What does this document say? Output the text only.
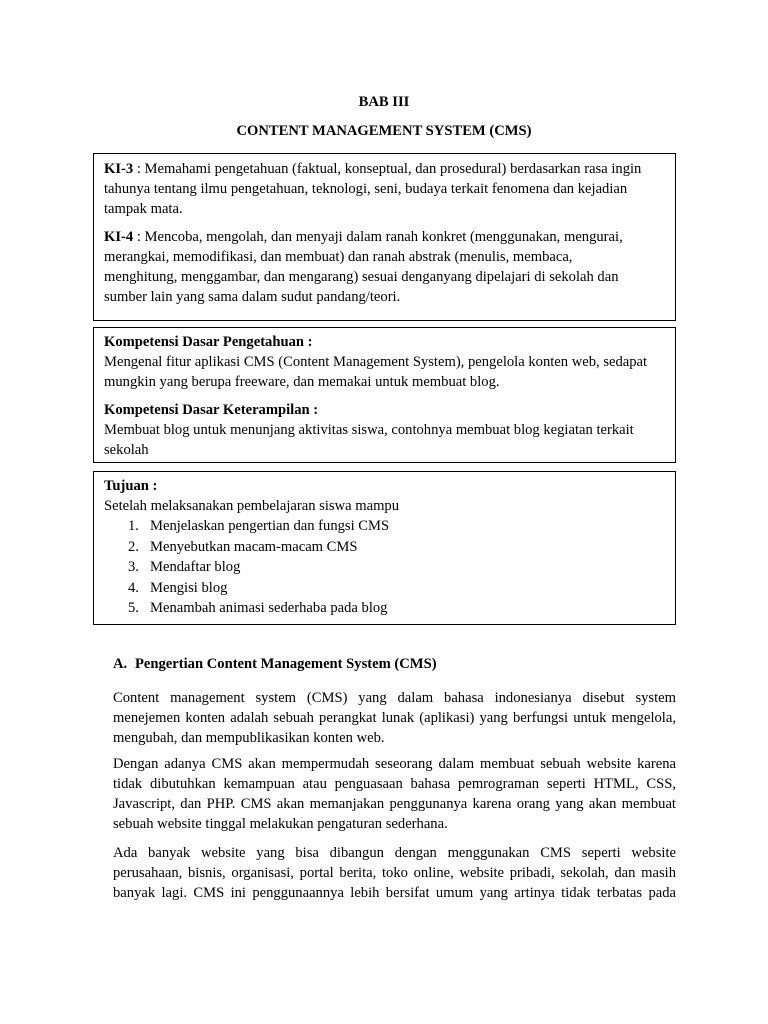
BAB III
CONTENT MANAGEMENT SYSTEM (CMS)

KI-3 : Memahami pengetahuan (faktual, konseptual, dan prosedural) berdasarkan rasa ingin
tahunya tentang ilmu pengetahuan, teknologi, seni, budaya terkait fenomena dan kejadian
tampak mata.

KI-4 : Mencoba, mengolah, dan menyaji dalam ranah konkret (menggunakan, mengurai,
merangkai, memodifikasi, dan membuat) dan ranah abstrak (menulis, membaca,
menghitung, menggambar, dan mengarang) sesuai denganyang dipelajari di sekolah dan
sumber lain yang sama dalam sudut pandang/teori.

Kompetensi Dasar Pengetahuan :
Mengenal fitur aplikasi CMS (Content Management System), pengelola konten web, sedapat
mungkin yang berupa freeware, dan memakai untuk membuat blog.
Kompetensi Dasar Keterampilan :
Membuat blog untuk menunjang aktivitas siswa, contohnya membuat blog kegiatan terkait
sekolah
Tujuan :
Setelah melaksanakan pembelajaran siswa mampu
1. Menjelaskan pengertian dan fungsi CMS
2. Menyebutkan macam-macam CMS
3. Mendaftar blog
4. Mengisi blog
5. Menambah animasi sederhaba pada blog
A. Pengertian Content Management System (CMS)
Content management system (CMS) yang dalam bahasa indonesianya disebut system
menejemen konten adalah sebuah perangkat lunak (aplikasi) yang berfungsi untuk mengelola,
mengubah, dan mempublikasikan konten web.
Dengan adanya CMS akan mempermudah seseorang dalam membuat sebuah website karena
tidak dibutuhkan kemampuan atau penguasaan bahasa pemrograman seperti HTML, CSS,
Javascript, dan PHP. CMS akan memanjakan penggunanya karena orang yang akan membuat
sebuah website tinggal melakukan pengaturan sederhana.
Ada banyak website yang bisa dibangun dengan menggunakan CMS seperti website
perusahaan, bisnis, organisasi, portal berita, toko online, website pribadi, sekolah, dan masih
banyak lagi. CMS ini penggunaannya lebih bersifat umum yang artinya tidak terbatas pada
